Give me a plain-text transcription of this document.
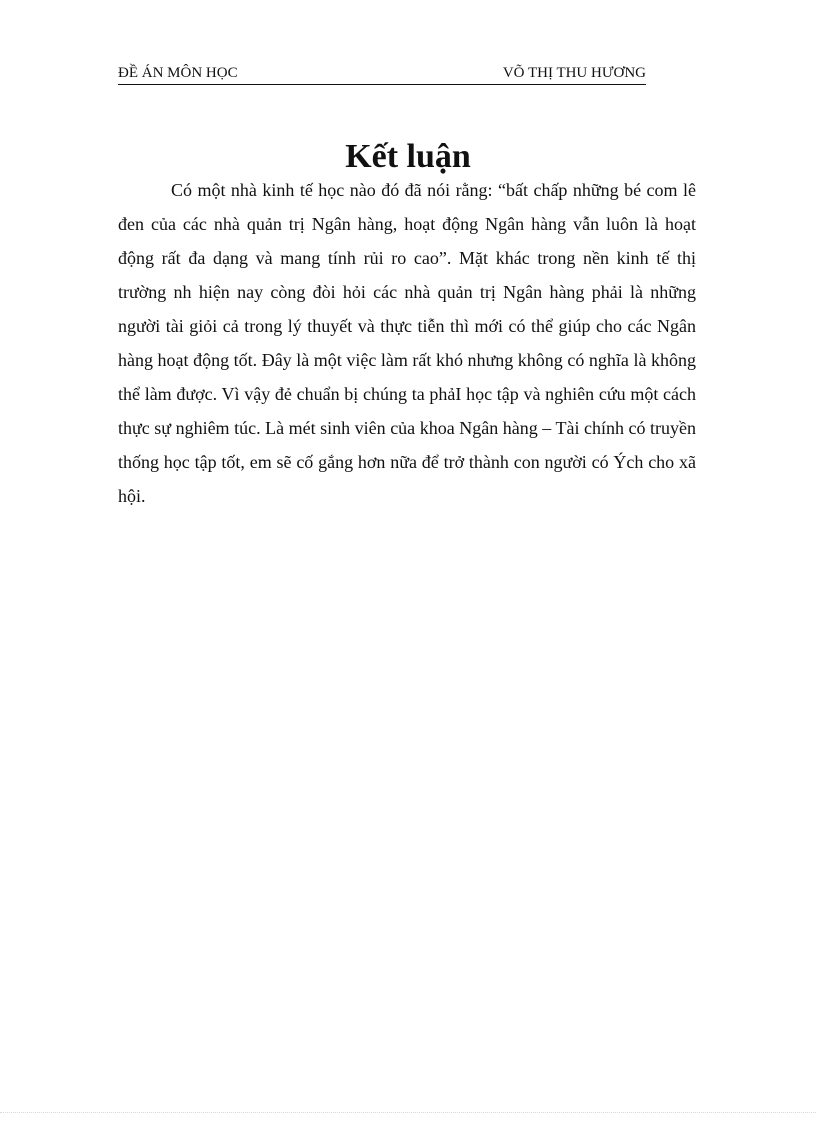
ĐỀ ÁN MÔN HỌC	VÕ THỊ THU HƯƠNG
Kết luận

Có một nhà kinh tế học nào đó đã nói rằng: “bất chấp những bé com lê đen của các nhà quản trị Ngân hàng, hoạt động Ngân hàng vẫn luôn là hoạt động rất đa dạng và mang tính rủi ro cao”. Mặt khác trong nền kinh tế thị trường nh hiện nay còng đòi hỏi các nhà quản trị Ngân hàng phải là những người tài giỏi cả trong lý thuyết và thực tiễn thì mới có thể giúp cho các Ngân hàng hoạt động tốt. Đây là một việc làm rất khó nhưng không có nghĩa là không thể làm được. Vì vậy đẻ chuẩn bị chúng ta phảI học tập và nghiên cứu một cách thực sự nghiêm túc. Là mét sinh viên của khoa Ngân hàng – Tài chính có truyền thống học tập tốt, em sẽ cố gắng hơn nữa để trở thành con người có Ých cho xã hội.
